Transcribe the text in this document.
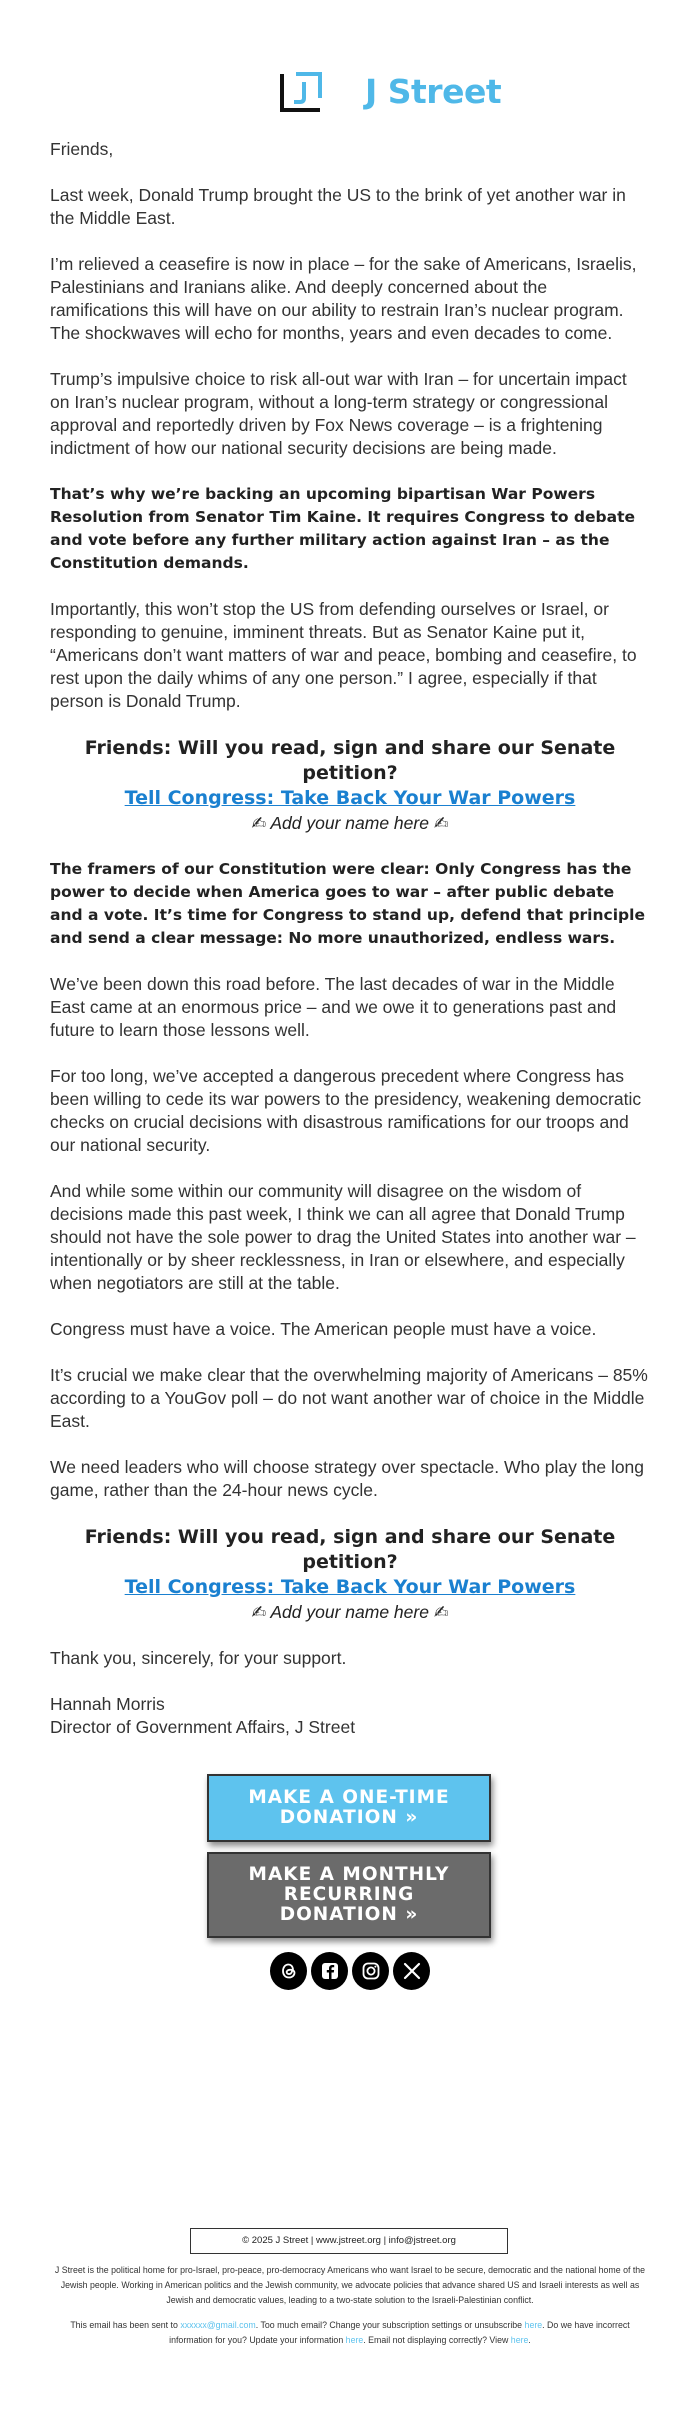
J Street

Friends,

Last week, Donald Trump brought the US to the brink of yet another war in the Middle East.

I’m relieved a ceasefire is now in place – for the sake of Americans, Israelis, Palestinians and Iranians alike. And deeply concerned about the ramifications this will have on our ability to restrain Iran’s nuclear program. The shockwaves will echo for months, years and even decades to come.

Trump’s impulsive choice to risk all-out war with Iran – for uncertain impact on Iran’s nuclear program, without a long-term strategy or congressional approval and reportedly driven by Fox News coverage – is a frightening indictment of how our national security decisions are being made.

That’s why we’re backing an upcoming bipartisan War Powers Resolution from Senator Tim Kaine. It requires Congress to debate and vote before any further military action against Iran – as the Constitution demands.

Importantly, this won’t stop the US from defending ourselves or Israel, or responding to genuine, imminent threats. But as Senator Kaine put it, “Americans don’t want matters of war and peace, bombing and ceasefire, to rest upon the daily whims of any one person.” I agree, especially if that person is Donald Trump.

Friends: Will you read, sign and share our Senate petition?
Tell Congress: Take Back Your War Powers
✍ Add your name here ✍

The framers of our Constitution were clear: Only Congress has the power to decide when America goes to war – after public debate and a vote. It’s time for Congress to stand up, defend that principle and send a clear message: No more unauthorized, endless wars.

We’ve been down this road before. The last decades of war in the Middle East came at an enormous price – and we owe it to generations past and future to learn those lessons well.

For too long, we’ve accepted a dangerous precedent where Congress has been willing to cede its war powers to the presidency, weakening democratic checks on crucial decisions with disastrous ramifications for our troops and our national security.

And while some within our community will disagree on the wisdom of decisions made this past week, I think we can all agree that Donald Trump should not have the sole power to drag the United States into another war – intentionally or by sheer recklessness, in Iran or elsewhere, and especially when negotiators are still at the table.

Congress must have a voice. The American people must have a voice.

It’s crucial we make clear that the overwhelming majority of Americans – 85% according to a YouGov poll – do not want another war of choice in the Middle East.

We need leaders who will choose strategy over spectacle. Who play the long game, rather than the 24-hour news cycle.

Friends: Will you read, sign and share our Senate petition?
Tell Congress: Take Back Your War Powers
✍ Add your name here ✍

Thank you, sincerely, for your support.

Hannah Morris

Director of Government Affairs, J Street

MAKE A ONE-TIME DONATION »
MAKE A MONTHLY RECURRING DONATION »
© 2025 J Street | www.jstreet.org | info@jstreet.org
J Street is the political home for pro-Israel, pro-peace, pro-democracy Americans who want Israel to be secure, democratic and the national home of the Jewish people. Working in American politics and the Jewish community, we advocate policies that advance shared US and Israeli interests as well as Jewish and democratic values, leading to a two-state solution to the Israeli-Palestinian conflict.
This email has been sent to xxxxxx@gmail.com. Too much email? Change your subscription settings or unsubscribe here. Do we have incorrect information for you? Update your information here. Email not displaying correctly? View here.
